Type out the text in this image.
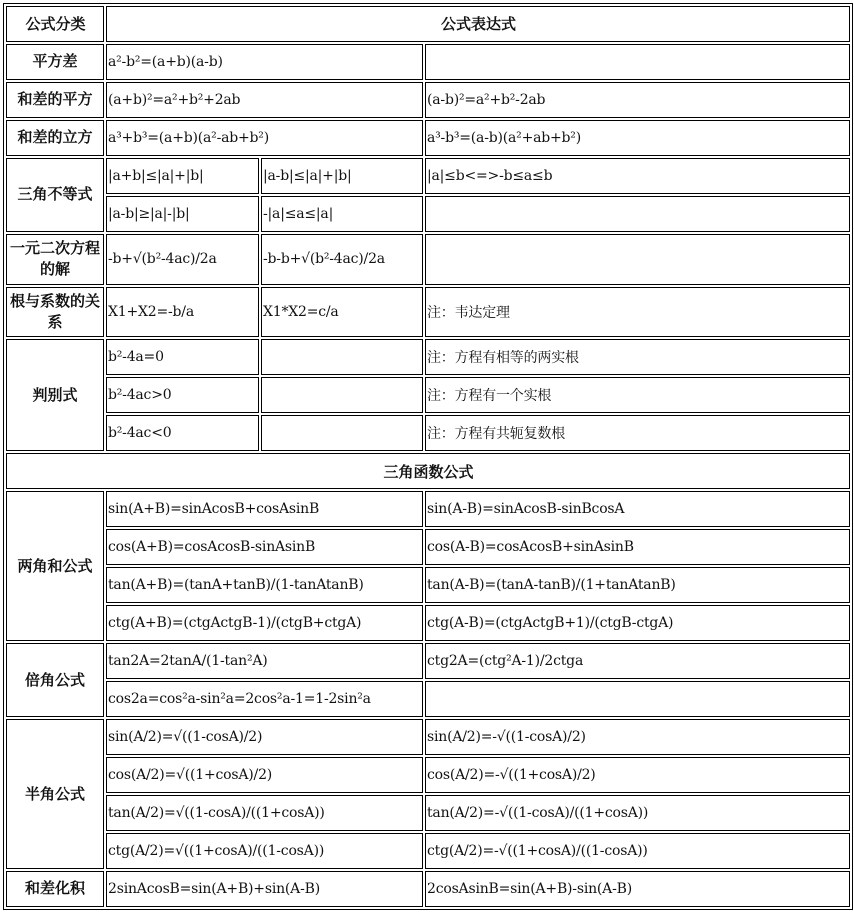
公式分类	公式表达式		
平方差	a²-b²=(a+b)(a-b)		
和差的平方	(a+b)²=a²+b²+2ab		(a-b)²=a²+b²-2ab
和差的立方	a³+b³=(a+b)(a²-ab+b²)		a³-b³=(a-b)(a²+ab+b²)
三角不等式	|a+b|≤|a|+|b|	|a-b|≤|a|+|b|	|a|≤b<=>-b≤a≤b
	|a-b|≥|a|-|b|	-|a|≤a≤|a|	
一元二次方程的解	-b+√(b²-4ac)/2a	-b-b+√(b²-4ac)/2a	
根与系数的关系	X1+X2=-b/a	X1*X2=c/a	注：韦达定理
判别式	b²-4a=0		注：方程有相等的两实根
	b²-4ac>0		注：方程有一个实根
	b²-4ac<0		注：方程有共轭复数根
三角函数公式			
两角和公式	sin(A+B)=sinAcosB+cosAsinB		sin(A-B)=sinAcosB-sinBcosA
	cos(A+B)=cosAcosB-sinAsinB		cos(A-B)=cosAcosB+sinAsinB
	tan(A+B)=(tanA+tanB)/(1-tanAtanB)		tan(A-B)=(tanA-tanB)/(1+tanAtanB)
	ctg(A+B)=(ctgActgB-1)/(ctgB+ctgA)		ctg(A-B)=(ctgActgB+1)/(ctgB-ctgA)
倍角公式	tan2A=2tanA/(1-tan²A)		ctg2A=(ctg²A-1)/2ctga
	cos2a=cos²a-sin²a=2cos²a-1=1-2sin²a		
半角公式	sin(A/2)=√((1-cosA)/2)		sin(A/2)=-√((1-cosA)/2)
	cos(A/2)=√((1+cosA)/2)		cos(A/2)=-√((1+cosA)/2)
	tan(A/2)=√((1-cosA)/((1+cosA))		tan(A/2)=-√((1-cosA)/((1+cosA))
	ctg(A/2)=√((1+cosA)/((1-cosA))		ctg(A/2)=-√((1+cosA)/((1-cosA))
和差化积	2sinAcosB=sin(A+B)+sin(A-B)		2cosAsinB=sin(A+B)-sin(A-B)
